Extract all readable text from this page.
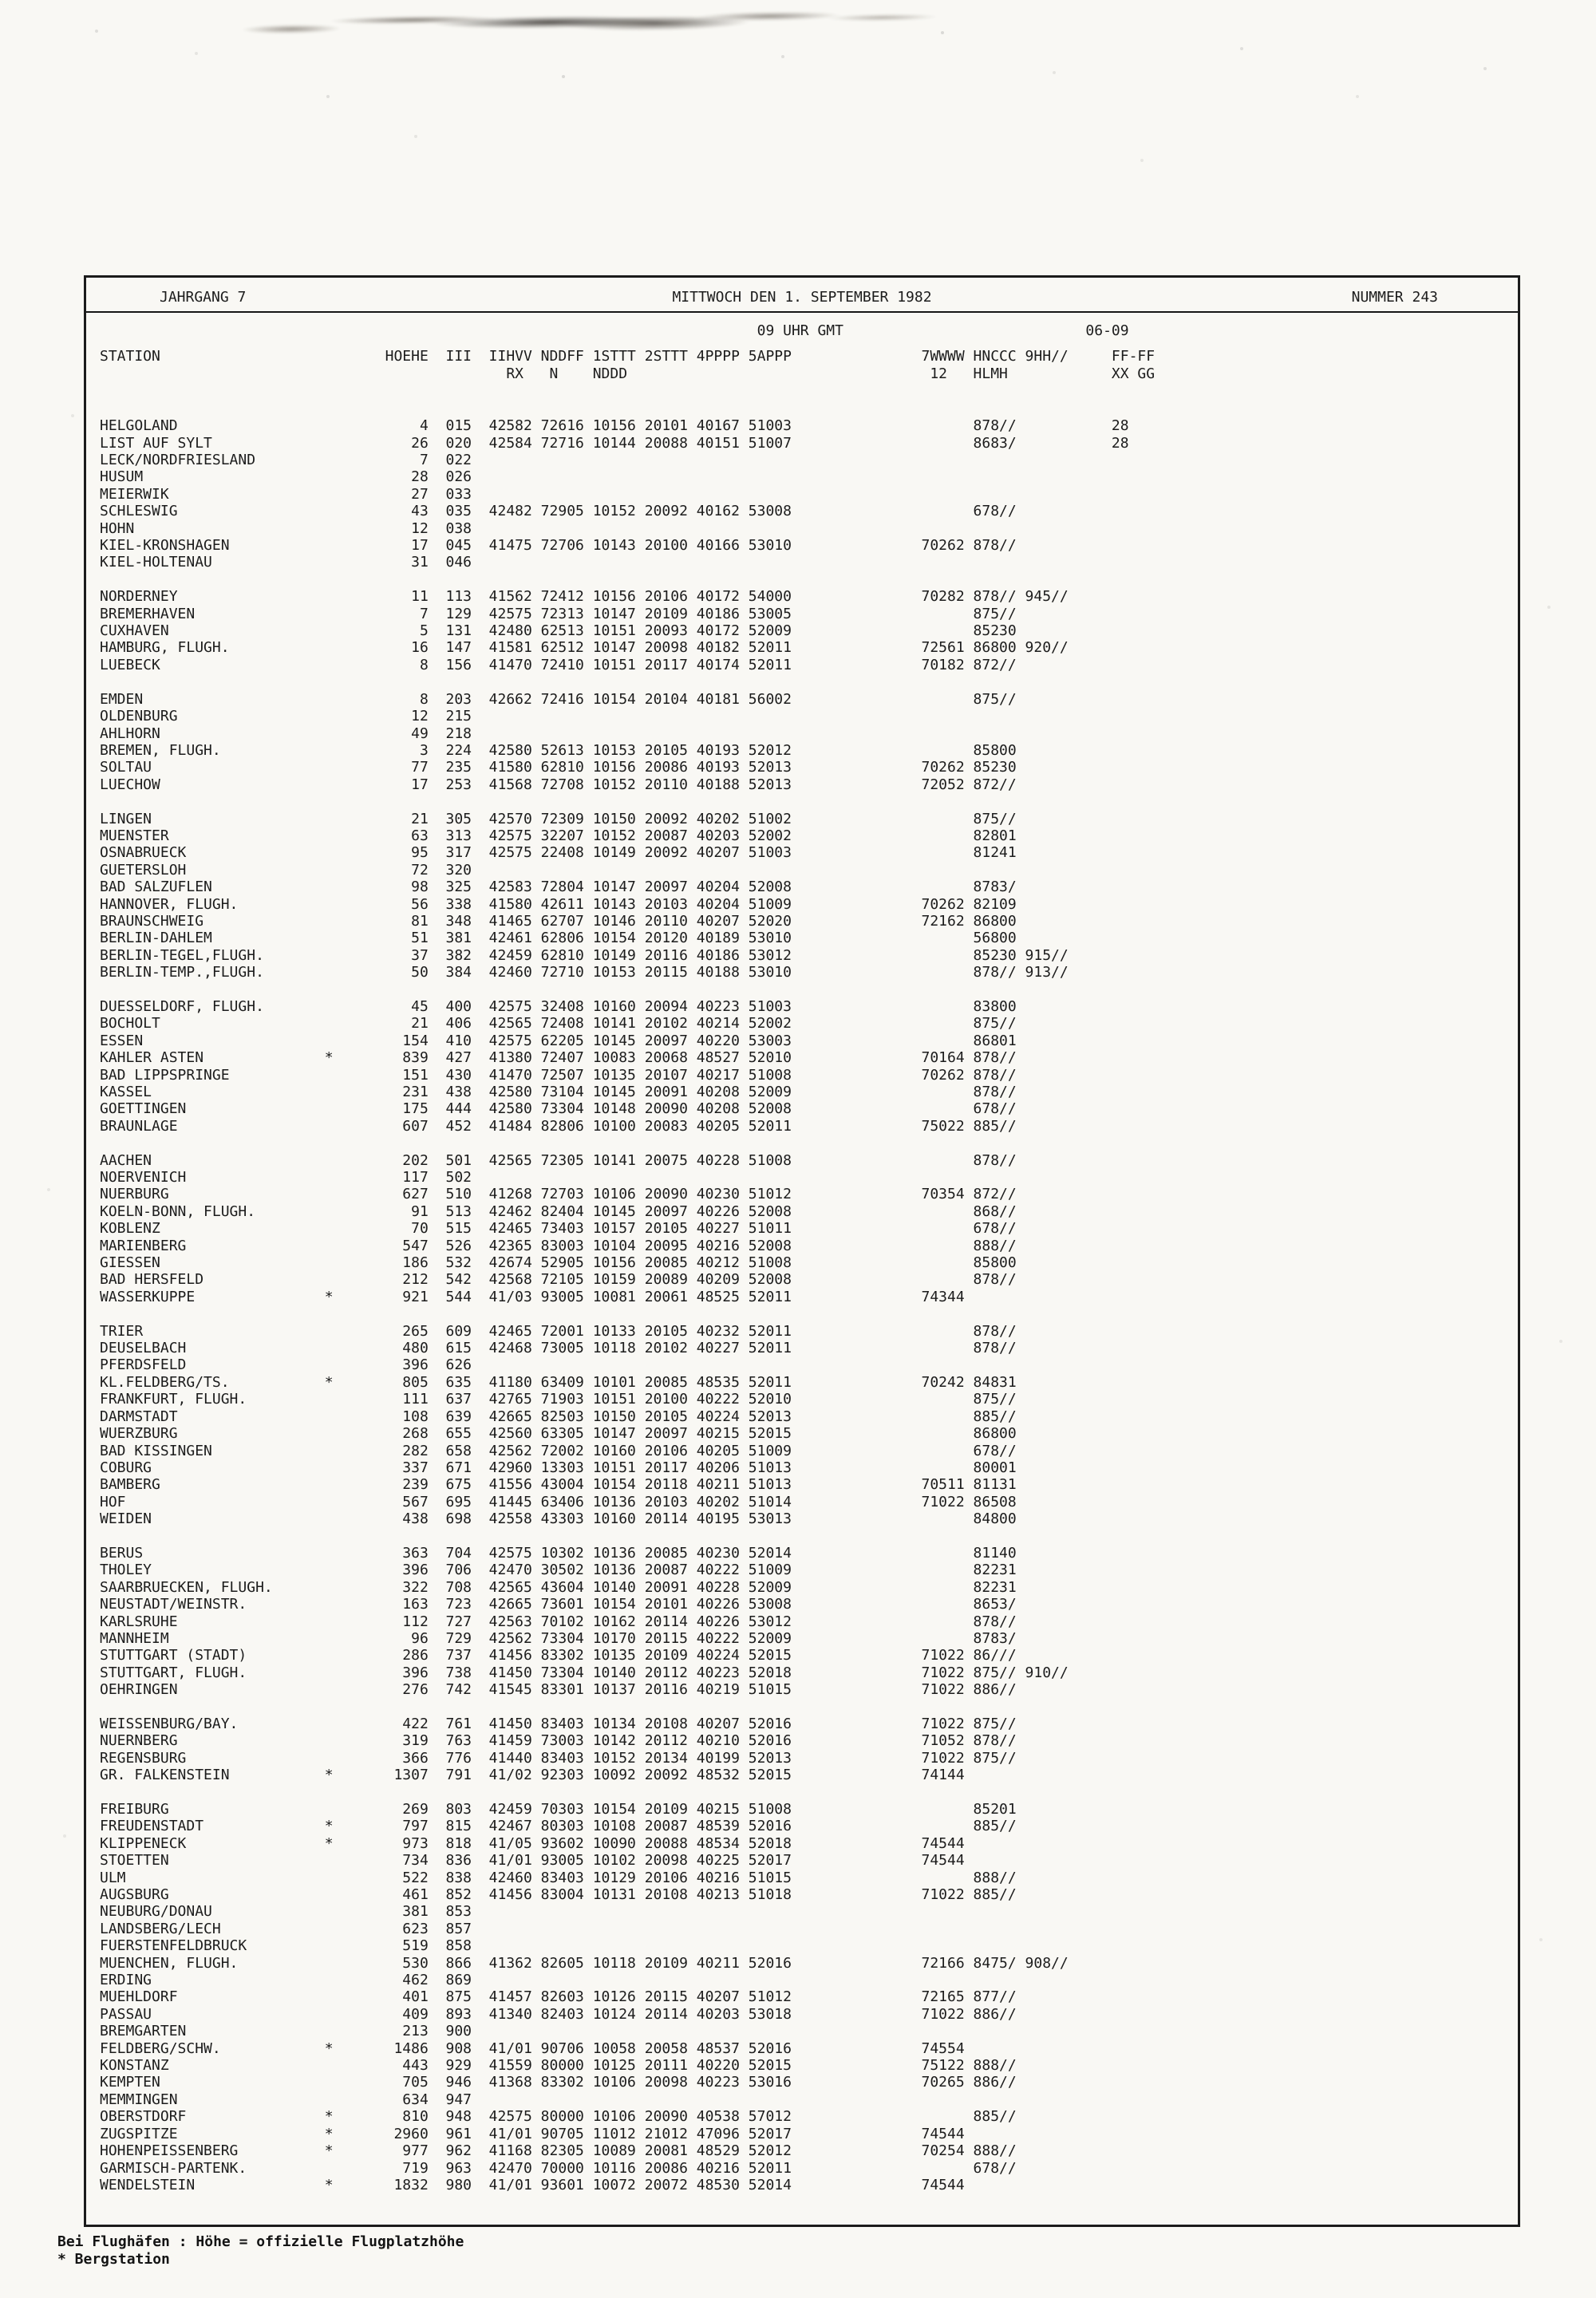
JAHRGANG 7	MITTWOCH DEN 1. SEPTEMBER 1982	NUMMER 243
09 UHR GMT                            06-09
STATION                          HOEHE  III  IIHVV NDDFF 1STTT 2STTT 4PPPP 5APPP               7WWWW HNCCC 9HH//     FF-FF
RX   N    NDDD                                   12   HLMH            XX GG
HELGOLAND                            4  015  42582 72616 10156 20101 40167 51003                     878//           28
LIST AUF SYLT                       26  020  42584 72716 10144 20088 40151 51007                     8683/           28
LECK/NORDFRIESLAND                   7  022
HUSUM                               28  026
MEIERWIK                            27  033
SCHLESWIG                           43  035  42482 72905 10152 20092 40162 53008                     678//
HOHN                                12  038
KIEL-KRONSHAGEN                     17  045  41475 72706 10143 20100 40166 53010               70262 878//
KIEL-HOLTENAU                       31  046
NORDERNEY                           11  113  41562 72412 10156 20106 40172 54000               70282 878// 945//
BREMERHAVEN                          7  129  42575 72313 10147 20109 40186 53005                     875//
CUXHAVEN                             5  131  42480 62513 10151 20093 40172 52009                     85230
HAMBURG, FLUGH.                     16  147  41581 62512 10147 20098 40182 52011               72561 86800 920//
LUEBECK                              8  156  41470 72410 10151 20117 40174 52011               70182 872//
EMDEN                                8  203  42662 72416 10154 20104 40181 56002                     875//
OLDENBURG                           12  215
AHLHORN                             49  218
BREMEN, FLUGH.                       3  224  42580 52613 10153 20105 40193 52012                     85800
SOLTAU                              77  235  41580 62810 10156 20086 40193 52013               70262 85230
LUECHOW                             17  253  41568 72708 10152 20110 40188 52013               72052 872//
LINGEN                              21  305  42570 72309 10150 20092 40202 51002                     875//
MUENSTER                            63  313  42575 32207 10152 20087 40203 52002                     82801
OSNABRUECK                          95  317  42575 22408 10149 20092 40207 51003                     81241
GUETERSLOH                          72  320
BAD SALZUFLEN                       98  325  42583 72804 10147 20097 40204 52008                     8783/
HANNOVER, FLUGH.                    56  338  41580 42611 10143 20103 40204 51009               70262 82109
BRAUNSCHWEIG                        81  348  41465 62707 10146 20110 40207 52020               72162 86800
BERLIN-DAHLEM                       51  381  42461 62806 10154 20120 40189 53010                     56800
BERLIN-TEGEL,FLUGH.                 37  382  42459 62810 10149 20116 40186 53012                     85230 915//
BERLIN-TEMP.,FLUGH.                 50  384  42460 72710 10153 20115 40188 53010                     878// 913//
DUESSELDORF, FLUGH.                 45  400  42575 32408 10160 20094 40223 51003                     83800
BOCHOLT                             21  406  42565 72408 10141 20102 40214 52002                     875//
ESSEN                              154  410  42575 62205 10145 20097 40220 53003                     86801
KAHLER ASTEN              *        839  427  41380 72407 10083 20068 48527 52010               70164 878//
BAD LIPPSPRINGE                    151  430  41470 72507 10135 20107 40217 51008               70262 878//
KASSEL                             231  438  42580 73104 10145 20091 40208 52009                     878//
GOETTINGEN                         175  444  42580 73304 10148 20090 40208 52008                     678//
BRAUNLAGE                          607  452  41484 82806 10100 20083 40205 52011               75022 885//
AACHEN                             202  501  42565 72305 10141 20075 40228 51008                     878//
NOERVENICH                         117  502
NUERBURG                           627  510  41268 72703 10106 20090 40230 51012               70354 872//
KOELN-BONN, FLUGH.                  91  513  42462 82404 10145 20097 40226 52008                     868//
KOBLENZ                             70  515  42465 73403 10157 20105 40227 51011                     678//
MARIENBERG                         547  526  42365 83003 10104 20095 40216 52008                     888//
GIESSEN                            186  532  42674 52905 10156 20085 40212 51008                     85800
BAD HERSFELD                       212  542  42568 72105 10159 20089 40209 52008                     878//
WASSERKUPPE               *        921  544  41/03 93005 10081 20061 48525 52011               74344
TRIER                              265  609  42465 72001 10133 20105 40232 52011                     878//
DEUSELBACH                         480  615  42468 73005 10118 20102 40227 52011                     878//
PFERDSFELD                         396  626
KL.FELDBERG/TS.           *        805  635  41180 63409 10101 20085 48535 52011               70242 84831
FRANKFURT, FLUGH.                  111  637  42765 71903 10151 20100 40222 52010                     875//
DARMSTADT                          108  639  42665 82503 10150 20105 40224 52013                     885//
WUERZBURG                          268  655  42560 63305 10147 20097 40215 52015                     86800
BAD KISSINGEN                      282  658  42562 72002 10160 20106 40205 51009                     678//
COBURG                             337  671  42960 13303 10151 20117 40206 51013                     80001
BAMBERG                            239  675  41556 43004 10154 20118 40211 51013               70511 81131
HOF                                567  695  41445 63406 10136 20103 40202 51014               71022 86508
WEIDEN                             438  698  42558 43303 10160 20114 40195 53013                     84800
BERUS                              363  704  42575 10302 10136 20085 40230 52014                     81140
THOLEY                             396  706  42470 30502 10136 20087 40222 51009                     82231
SAARBRUECKEN, FLUGH.               322  708  42565 43604 10140 20091 40228 52009                     82231
NEUSTADT/WEINSTR.                  163  723  42665 73601 10154 20101 40226 53008                     8653/
KARLSRUHE                          112  727  42563 70102 10162 20114 40226 53012                     878//
MANNHEIM                            96  729  42562 73304 10170 20115 40222 52009                     8783/
STUTTGART (STADT)                  286  737  41456 83302 10135 20109 40224 52015               71022 86///
STUTTGART, FLUGH.                  396  738  41450 73304 10140 20112 40223 52018               71022 875// 910//
OEHRINGEN                          276  742  41545 83301 10137 20116 40219 51015               71022 886//
WEISSENBURG/BAY.                   422  761  41450 83403 10134 20108 40207 52016               71022 875//
NUERNBERG                          319  763  41459 73003 10142 20112 40210 52016               71052 878//
REGENSBURG                         366  776  41440 83403 10152 20134 40199 52013               71022 875//
GR. FALKENSTEIN           *       1307  791  41/02 92303 10092 20092 48532 52015               74144
FREIBURG                           269  803  42459 70303 10154 20109 40215 51008                     85201
FREUDENSTADT              *        797  815  42467 80303 10108 20087 48539 52016                     885//
KLIPPENECK                *        973  818  41/05 93602 10090 20088 48534 52018               74544
STOETTEN                           734  836  41/01 93005 10102 20098 40225 52017               74544
ULM                                522  838  42460 83403 10129 20106 40216 51015                     888//
AUGSBURG                           461  852  41456 83004 10131 20108 40213 51018               71022 885//
NEUBURG/DONAU                      381  853
LANDSBERG/LECH                     623  857
FUERSTENFELDBRUCK                  519  858
MUENCHEN, FLUGH.                   530  866  41362 82605 10118 20109 40211 52016               72166 8475/ 908//
ERDING                             462  869
MUEHLDORF                          401  875  41457 82603 10126 20115 40207 51012               72165 877//
PASSAU                             409  893  41340 82403 10124 20114 40203 53018               71022 886//
BREMGARTEN                         213  900
FELDBERG/SCHW.            *       1486  908  41/01 90706 10058 20058 48537 52016               74554
KONSTANZ                           443  929  41559 80000 10125 20111 40220 52015               75122 888//
KEMPTEN                            705  946  41368 83302 10106 20098 40223 53016               70265 886//
MEMMINGEN                          634  947
OBERSTDORF                *        810  948  42575 80000 10106 20090 40538 57012                     885//
ZUGSPITZE                 *       2960  961  41/01 90705 11012 21012 47096 52017               74544
HOHENPEISSENBERG          *        977  962  41168 82305 10089 20081 48529 52012               70254 888//
GARMISCH-PARTENK.                  719  963  42470 70000 10116 20086 40216 52011                     678//
WENDELSTEIN               *       1832  980  41/01 93601 10072 20072 48530 52014               74544
Bei Flughäfen : Höhe = offizielle Flugplatzhöhe
* Bergstation
